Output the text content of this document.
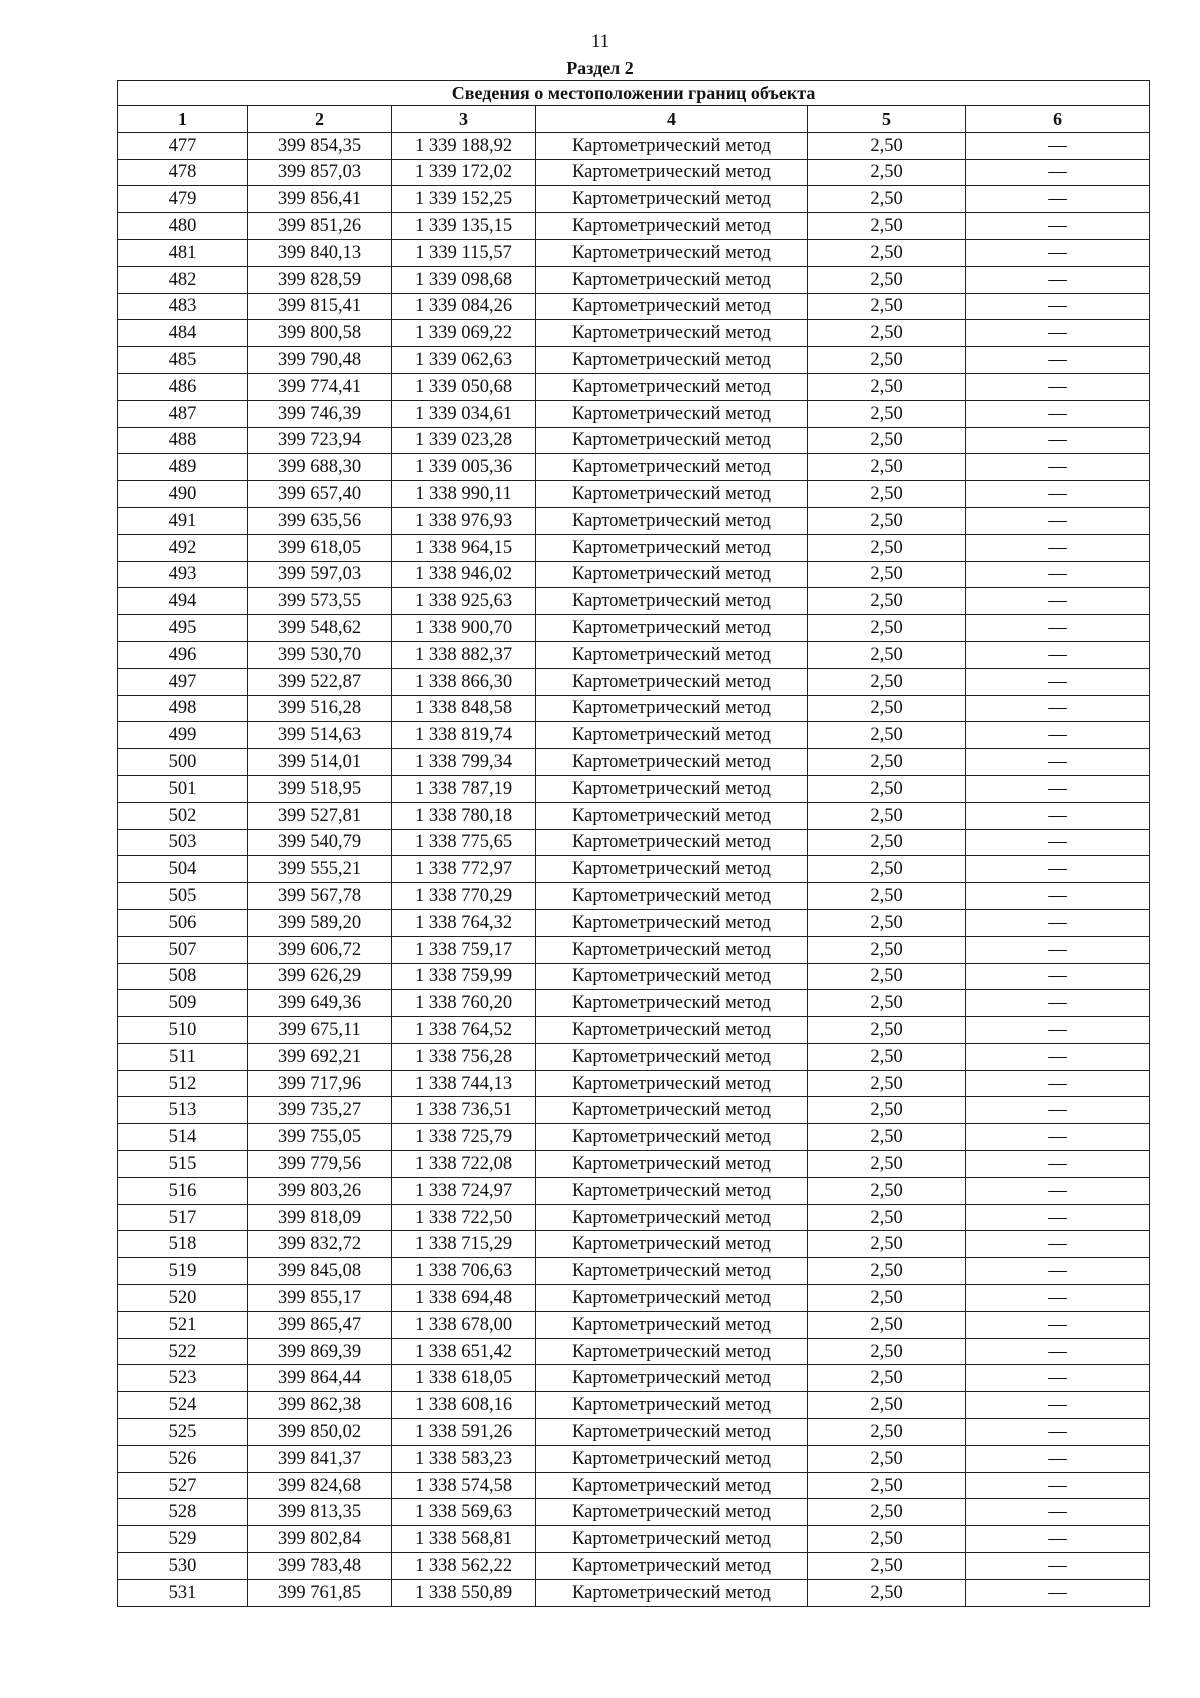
11
Раздел 2
Сведения о местоположении границ объекта					
1	2	3	4	5	6
477	399 854,35	1 339 188,92	Картометрический метод	2,50	—
478	399 857,03	1 339 172,02	Картометрический метод	2,50	—
479	399 856,41	1 339 152,25	Картометрический метод	2,50	—
480	399 851,26	1 339 135,15	Картометрический метод	2,50	—
481	399 840,13	1 339 115,57	Картометрический метод	2,50	—
482	399 828,59	1 339 098,68	Картометрический метод	2,50	—
483	399 815,41	1 339 084,26	Картометрический метод	2,50	—
484	399 800,58	1 339 069,22	Картометрический метод	2,50	—
485	399 790,48	1 339 062,63	Картометрический метод	2,50	—
486	399 774,41	1 339 050,68	Картометрический метод	2,50	—
487	399 746,39	1 339 034,61	Картометрический метод	2,50	—
488	399 723,94	1 339 023,28	Картометрический метод	2,50	—
489	399 688,30	1 339 005,36	Картометрический метод	2,50	—
490	399 657,40	1 338 990,11	Картометрический метод	2,50	—
491	399 635,56	1 338 976,93	Картометрический метод	2,50	—
492	399 618,05	1 338 964,15	Картометрический метод	2,50	—
493	399 597,03	1 338 946,02	Картометрический метод	2,50	—
494	399 573,55	1 338 925,63	Картометрический метод	2,50	—
495	399 548,62	1 338 900,70	Картометрический метод	2,50	—
496	399 530,70	1 338 882,37	Картометрический метод	2,50	—
497	399 522,87	1 338 866,30	Картометрический метод	2,50	—
498	399 516,28	1 338 848,58	Картометрический метод	2,50	—
499	399 514,63	1 338 819,74	Картометрический метод	2,50	—
500	399 514,01	1 338 799,34	Картометрический метод	2,50	—
501	399 518,95	1 338 787,19	Картометрический метод	2,50	—
502	399 527,81	1 338 780,18	Картометрический метод	2,50	—
503	399 540,79	1 338 775,65	Картометрический метод	2,50	—
504	399 555,21	1 338 772,97	Картометрический метод	2,50	—
505	399 567,78	1 338 770,29	Картометрический метод	2,50	—
506	399 589,20	1 338 764,32	Картометрический метод	2,50	—
507	399 606,72	1 338 759,17	Картометрический метод	2,50	—
508	399 626,29	1 338 759,99	Картометрический метод	2,50	—
509	399 649,36	1 338 760,20	Картометрический метод	2,50	—
510	399 675,11	1 338 764,52	Картометрический метод	2,50	—
511	399 692,21	1 338 756,28	Картометрический метод	2,50	—
512	399 717,96	1 338 744,13	Картометрический метод	2,50	—
513	399 735,27	1 338 736,51	Картометрический метод	2,50	—
514	399 755,05	1 338 725,79	Картометрический метод	2,50	—
515	399 779,56	1 338 722,08	Картометрический метод	2,50	—
516	399 803,26	1 338 724,97	Картометрический метод	2,50	—
517	399 818,09	1 338 722,50	Картометрический метод	2,50	—
518	399 832,72	1 338 715,29	Картометрический метод	2,50	—
519	399 845,08	1 338 706,63	Картометрический метод	2,50	—
520	399 855,17	1 338 694,48	Картометрический метод	2,50	—
521	399 865,47	1 338 678,00	Картометрический метод	2,50	—
522	399 869,39	1 338 651,42	Картометрический метод	2,50	—
523	399 864,44	1 338 618,05	Картометрический метод	2,50	—
524	399 862,38	1 338 608,16	Картометрический метод	2,50	—
525	399 850,02	1 338 591,26	Картометрический метод	2,50	—
526	399 841,37	1 338 583,23	Картометрический метод	2,50	—
527	399 824,68	1 338 574,58	Картометрический метод	2,50	—
528	399 813,35	1 338 569,63	Картометрический метод	2,50	—
529	399 802,84	1 338 568,81	Картометрический метод	2,50	—
530	399 783,48	1 338 562,22	Картометрический метод	2,50	—
531	399 761,85	1 338 550,89	Картометрический метод	2,50	—
